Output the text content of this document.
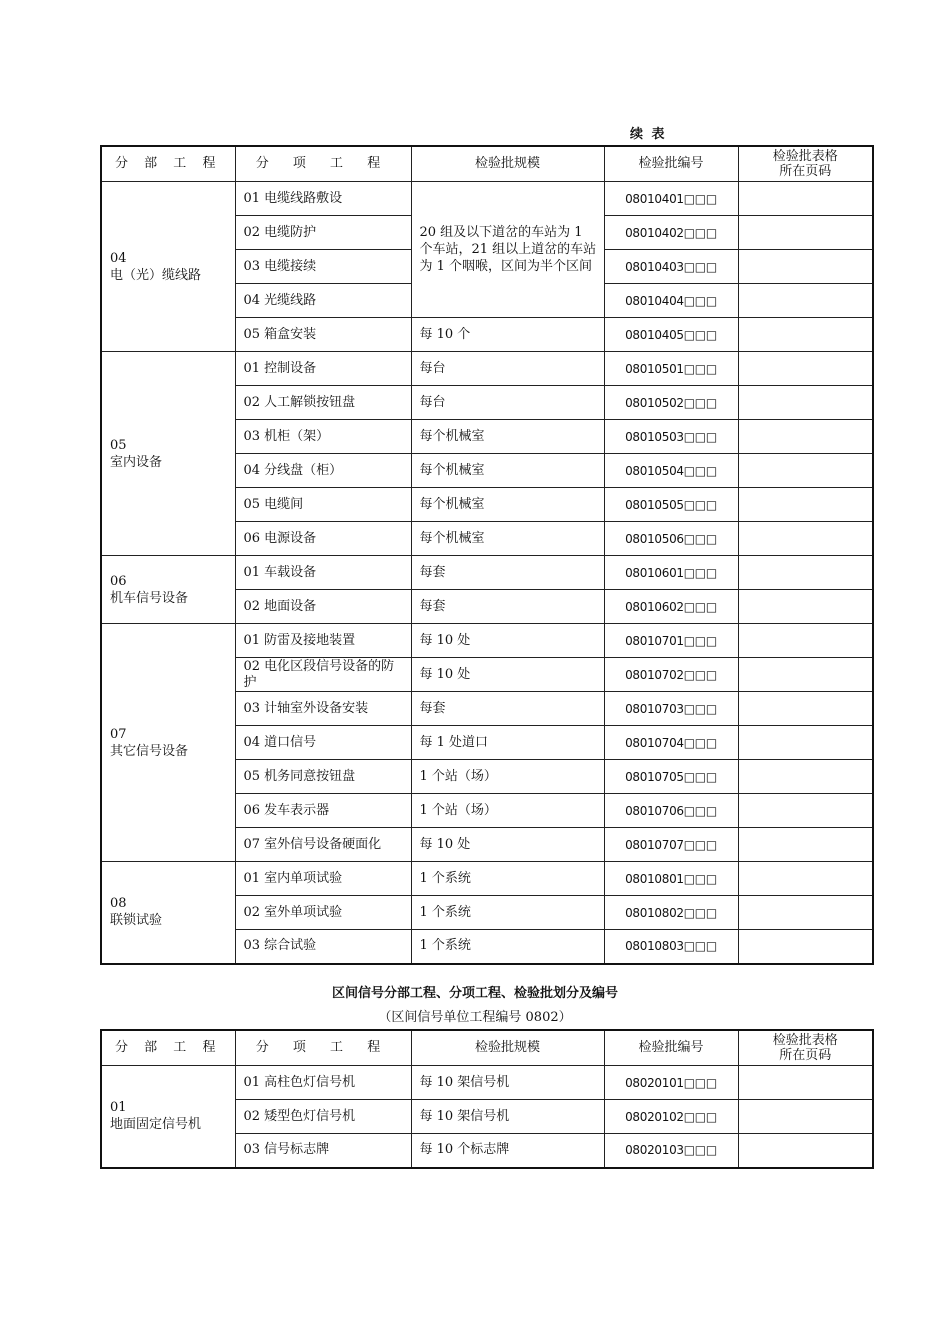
续 表
分 部 工 程	分 项 工 程	检验批规模	检验批编号	检验批表格
所在页码
04
电（光）缆线路	01 电缆线路敷设	20 组及以下道岔的车站为 1 个车站，21 组以上道岔的车站为 1 个咽喉，区间为半个区间	08010401□□□	
	02 电缆防护		08010402□□□	
	03 电缆接续		08010403□□□	
	04 光缆线路		08010404□□□	
	05 箱盒安装	每 10 个	08010405□□□	
05
室内设备	01 控制设备	每台	08010501□□□	
	02 人工解锁按钮盘	每台	08010502□□□	
	03 机柜（架）	每个机械室	08010503□□□	
	04 分线盘（柜）	每个机械室	08010504□□□	
	05 电缆间	每个机械室	08010505□□□	
	06 电源设备	每个机械室	08010506□□□	
06
机车信号设备	01 车载设备	每套	08010601□□□	
	02 地面设备	每套	08010602□□□	
07
其它信号设备	01 防雷及接地装置	每 10 处	08010701□□□	
	02 电化区段信号设备的防护	每 10 处	08010702□□□	
	03 计轴室外设备安装	每套	08010703□□□	
	04 道口信号	每 1 处道口	08010704□□□	
	05 机务同意按钮盘	1 个站（场）	08010705□□□	
	06 发车表示器	1 个站（场）	08010706□□□	
	07 室外信号设备硬面化	每 10 处	08010707□□□	
08
联锁试验	01 室内单项试验	1 个系统	08010801□□□	
	02 室外单项试验	1 个系统	08010802□□□	
	03 综合试验	1 个系统	08010803□□□	
区间信号分部工程、分项工程、检验批划分及编号
（区间信号单位工程编号 0802）
分 部 工 程	分 项 工 程	检验批规模	检验批编号	检验批表格
所在页码
01
地面固定信号机	01 高柱色灯信号机	每 10 架信号机	08020101□□□	
	02 矮型色灯信号机	每 10 架信号机	08020102□□□	
	03 信号标志牌	每 10 个标志牌	08020103□□□	
